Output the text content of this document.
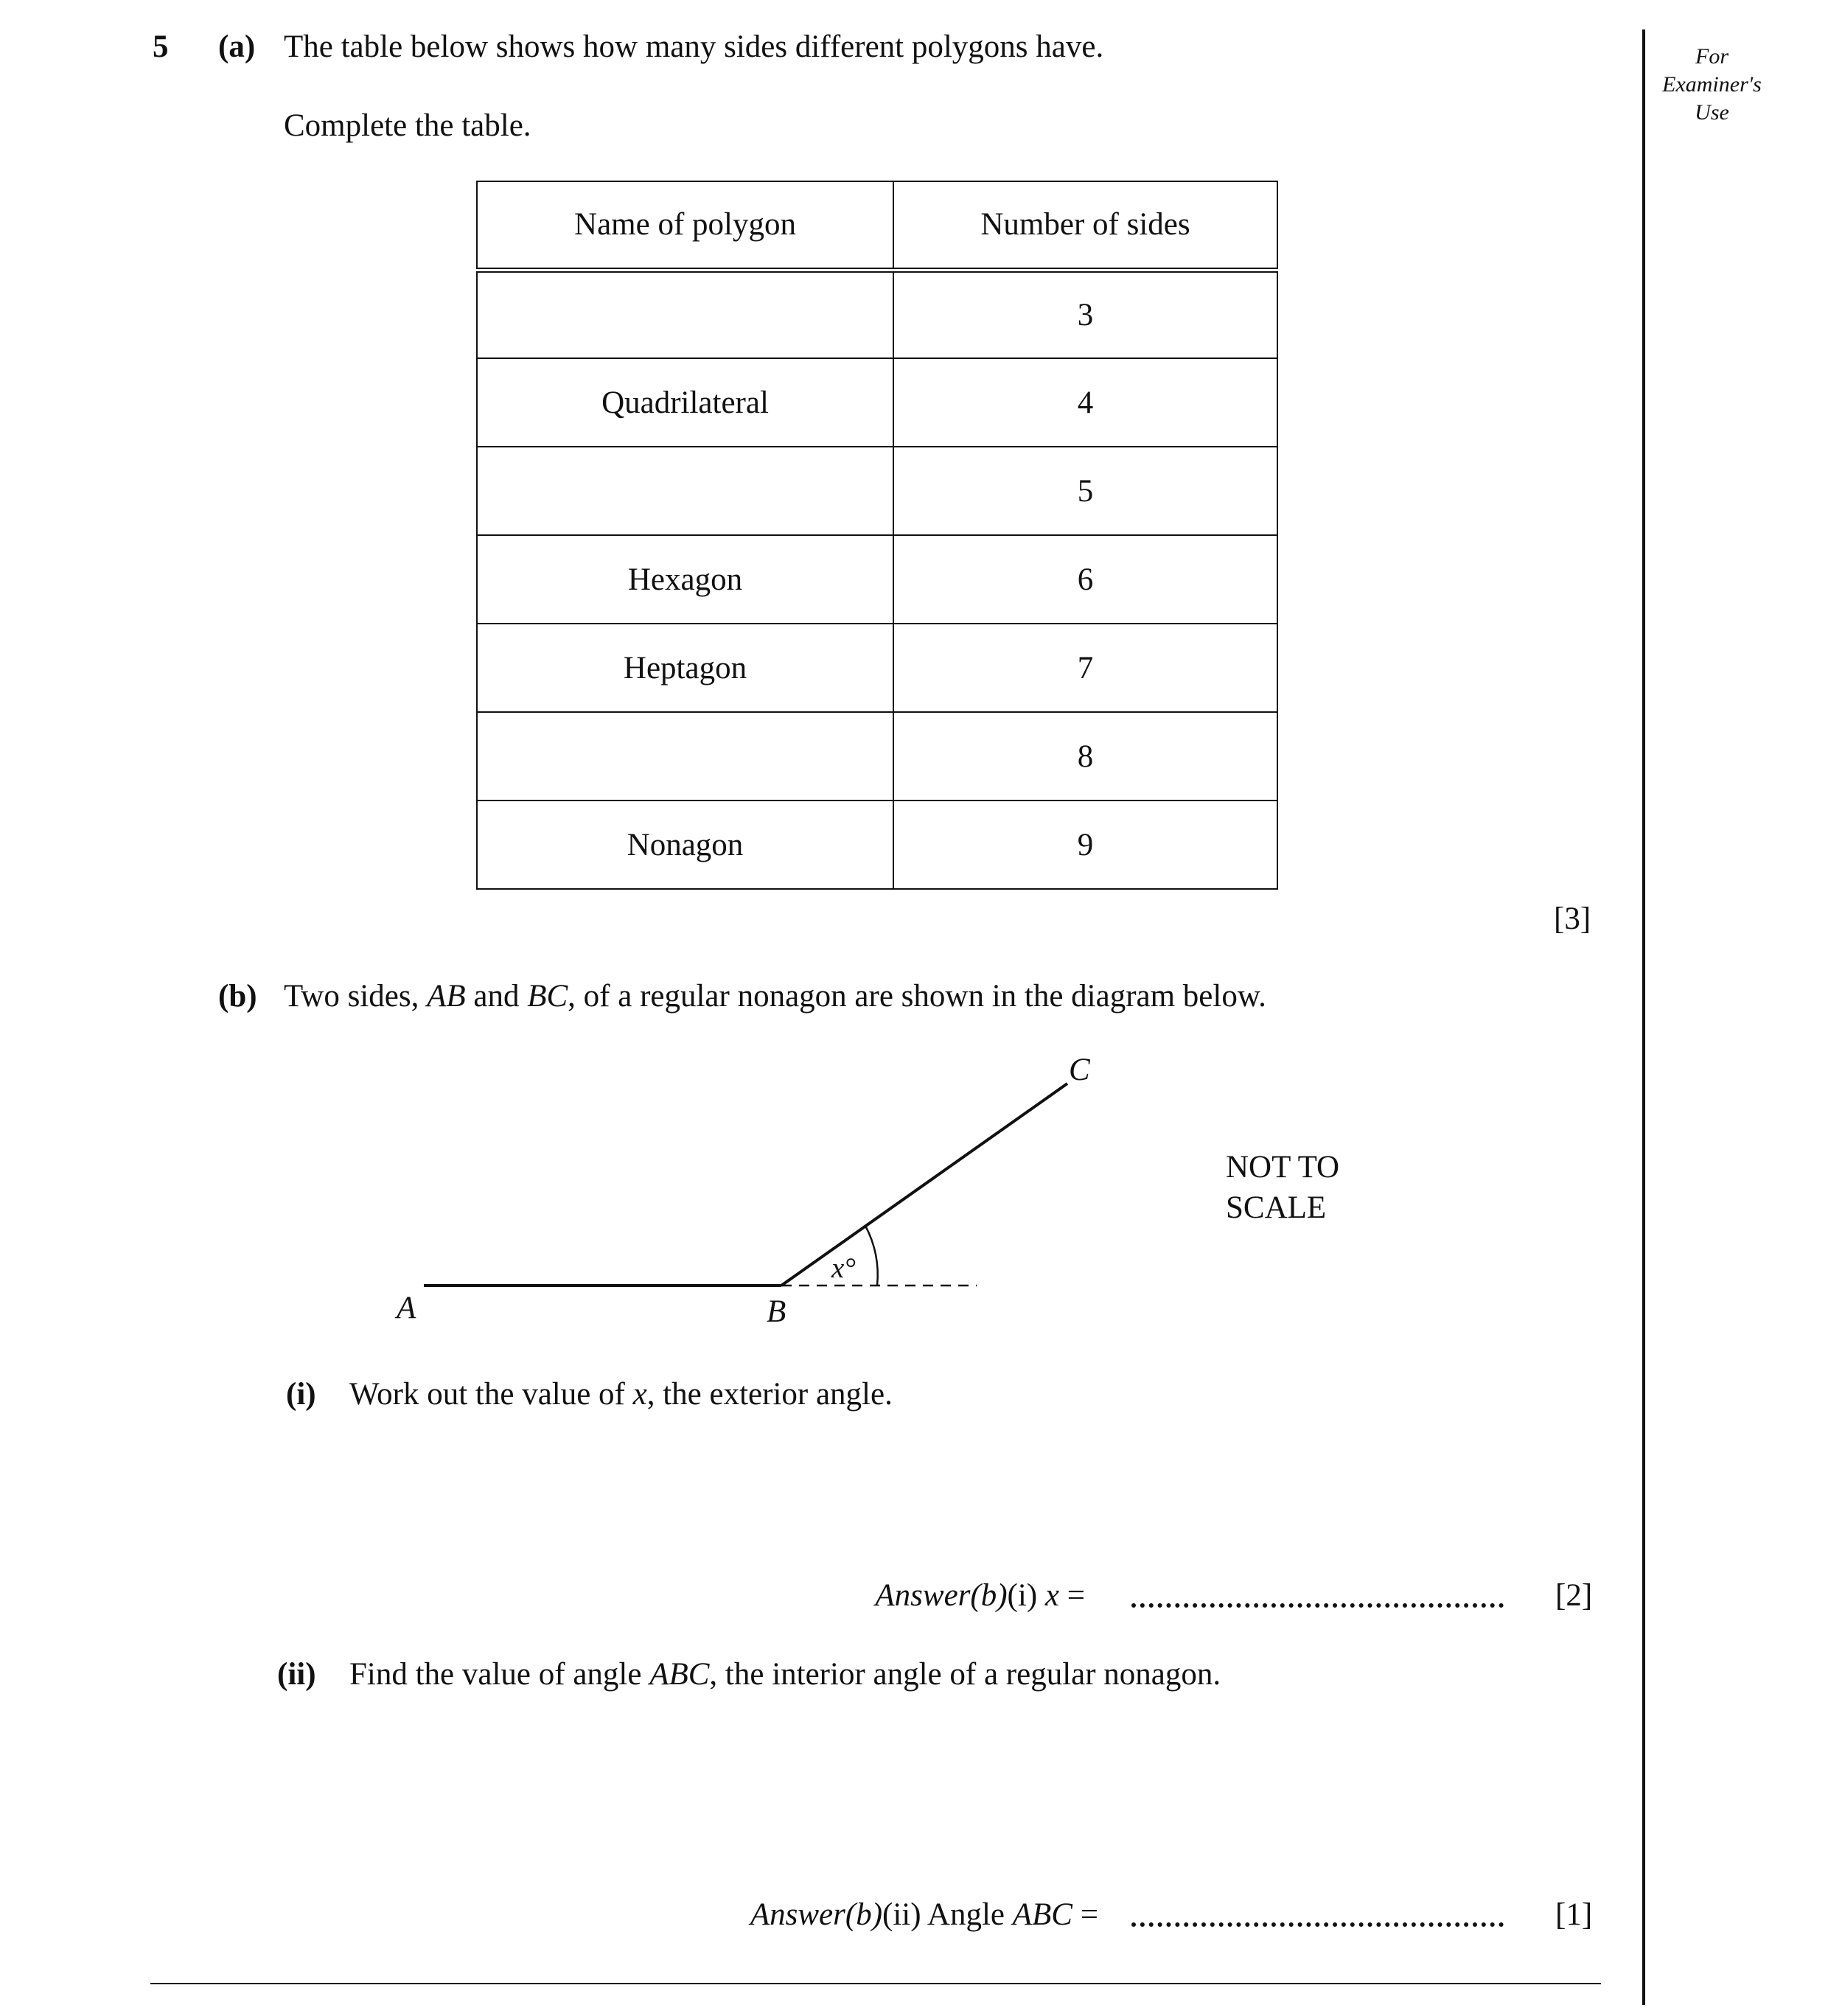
For
Examiner's
Use
5 (a) The table below shows how many sides different polygons have.
Complete the table.
Name of polygon	Number of sides
	3
Quadrilateral	4
	5
Hexagon	6
Heptagon	7
	8
Nonagon	9
[3]
(b) Two sides, AB and BC, of a regular nonagon are shown in the diagram below.
A	B
C
x°
NOT TO
SCALE
(i) Work out the value of x, the exterior angle.
Answer(b)(i) x =	[2]
(ii) Find the value of angle ABC, the interior angle of a regular nonagon.
Answer(b)(ii) Angle ABC =	[1]
